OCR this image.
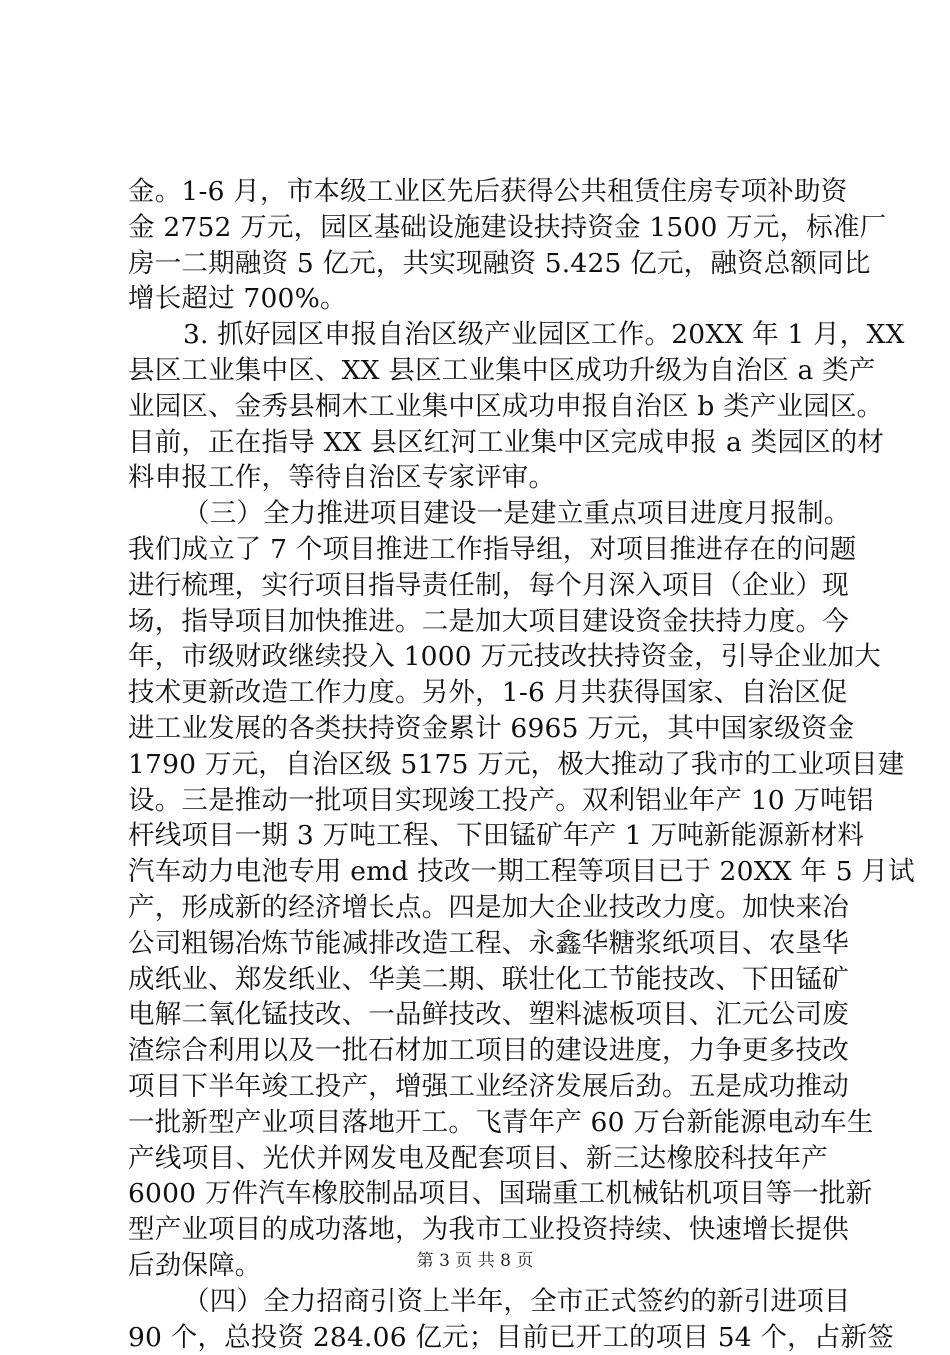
金。1-6 月，市本级工业区先后获得公共租赁住房专项补助资
金 2752 万元，园区基础设施建设扶持资金 1500 万元，标准厂
房一二期融资 5 亿元，共实现融资 5.425 亿元，融资总额同比
增长超过 700%。
3. 抓好园区申报自治区级产业园区工作。20XX 年 1 月，XX
县区工业集中区、XX 县区工业集中区成功升级为自治区 a 类产
业园区、金秀县桐木工业集中区成功申报自治区 b 类产业园区。
目前，正在指导 XX 县区红河工业集中区完成申报 a 类园区的材
料申报工作，等待自治区专家评审。
（三）全力推进项目建设一是建立重点项目进度月报制。
我们成立了 7 个项目推进工作指导组，对项目推进存在的问题
进行梳理，实行项目指导责任制，每个月深入项目（企业）现
场，指导项目加快推进。二是加大项目建设资金扶持力度。今
年，市级财政继续投入 1000 万元技改扶持资金，引导企业加大
技术更新改造工作力度。另外，1-6 月共获得国家、自治区促
进工业发展的各类扶持资金累计 6965 万元，其中国家级资金
1790 万元，自治区级 5175 万元，极大推动了我市的工业项目建
设。三是推动一批项目实现竣工投产。双利铝业年产 10 万吨铝
杆线项目一期 3 万吨工程、下田锰矿年产 1 万吨新能源新材料
汽车动力电池专用 emd 技改一期工程等项目已于 20XX 年 5 月试
产，形成新的经济增长点。四是加大企业技改力度。加快来冶
公司粗锡冶炼节能减排改造工程、永鑫华糖浆纸项目、农垦华
成纸业、郑发纸业、华美二期、联壮化工节能技改、下田锰矿
电解二氧化锰技改、一品鲜技改、塑料滤板项目、汇元公司废
渣综合利用以及一批石材加工项目的建设进度，力争更多技改
项目下半年竣工投产，增强工业经济发展后劲。五是成功推动
一批新型产业项目落地开工。飞青年产 60 万台新能源电动车生
产线项目、光伏并网发电及配套项目、新三达橡胶科技年产
6000 万件汽车橡胶制品项目、国瑞重工机械钻机项目等一批新
型产业项目的成功落地，为我市工业投资持续、快速增长提供
后劲保障。
（四）全力招商引资上半年，全市正式签约的新引进项目
90 个，总投资 284.06 亿元；目前已开工的项目 54 个，占新签
第 3 页 共 8 页
